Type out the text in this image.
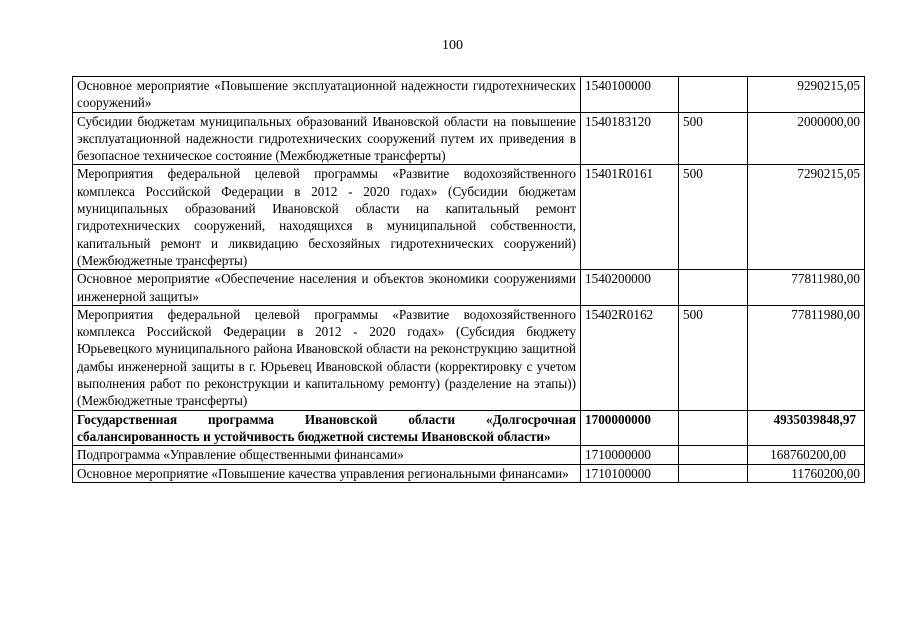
100
Основное мероприятие «Повышение эксплуатационной надежности гидротехнических сооружений»	1540100000		9290215,05
Субсидии бюджетам муниципальных образований Ивановской области на повышение эксплуатационной надежности гидротехнических сооружений путем их приведения в безопасное техническое состояние (Межбюджетные трансферты)	1540183120	500	2000000,00
Мероприятия федеральной целевой программы «Развитие водохозяйственного комплекса Российской Федерации в 2012 - 2020 годах» (Субсидии бюджетам муниципальных образований Ивановской области на капитальный ремонт гидротехнических сооружений, находящихся в муниципальной собственности, капитальный ремонт и ликвидацию бесхозяйных гидротехнических сооружений) (Межбюджетные трансферты)	15401R0161	500	7290215,05
Основное мероприятие «Обеспечение населения и объектов экономики сооружениями инженерной защиты»	1540200000		77811980,00
Мероприятия федеральной целевой программы «Развитие водохозяйственного комплекса Российской Федерации в 2012 - 2020 годах» (Субсидия бюджету Юрьевецкого муниципального района Ивановской области на реконструкцию защитной дамбы инженерной защиты в г. Юрьевец Ивановской области (корректировку с учетом выполнения работ по реконструкции и капитальному ремонту) (разделение на этапы)) (Межбюджетные трансферты)	15402R0162	500	77811980,00
Государственная программа Ивановской области «Долгосрочная сбалансированность и устойчивость бюджетной системы Ивановской области»	1700000000		4935039848,97
Подпрограмма «Управление общественными финансами»	1710000000		168760200,00
Основное мероприятие «Повышение качества управления региональными финансами»	1710100000		11760200,00
